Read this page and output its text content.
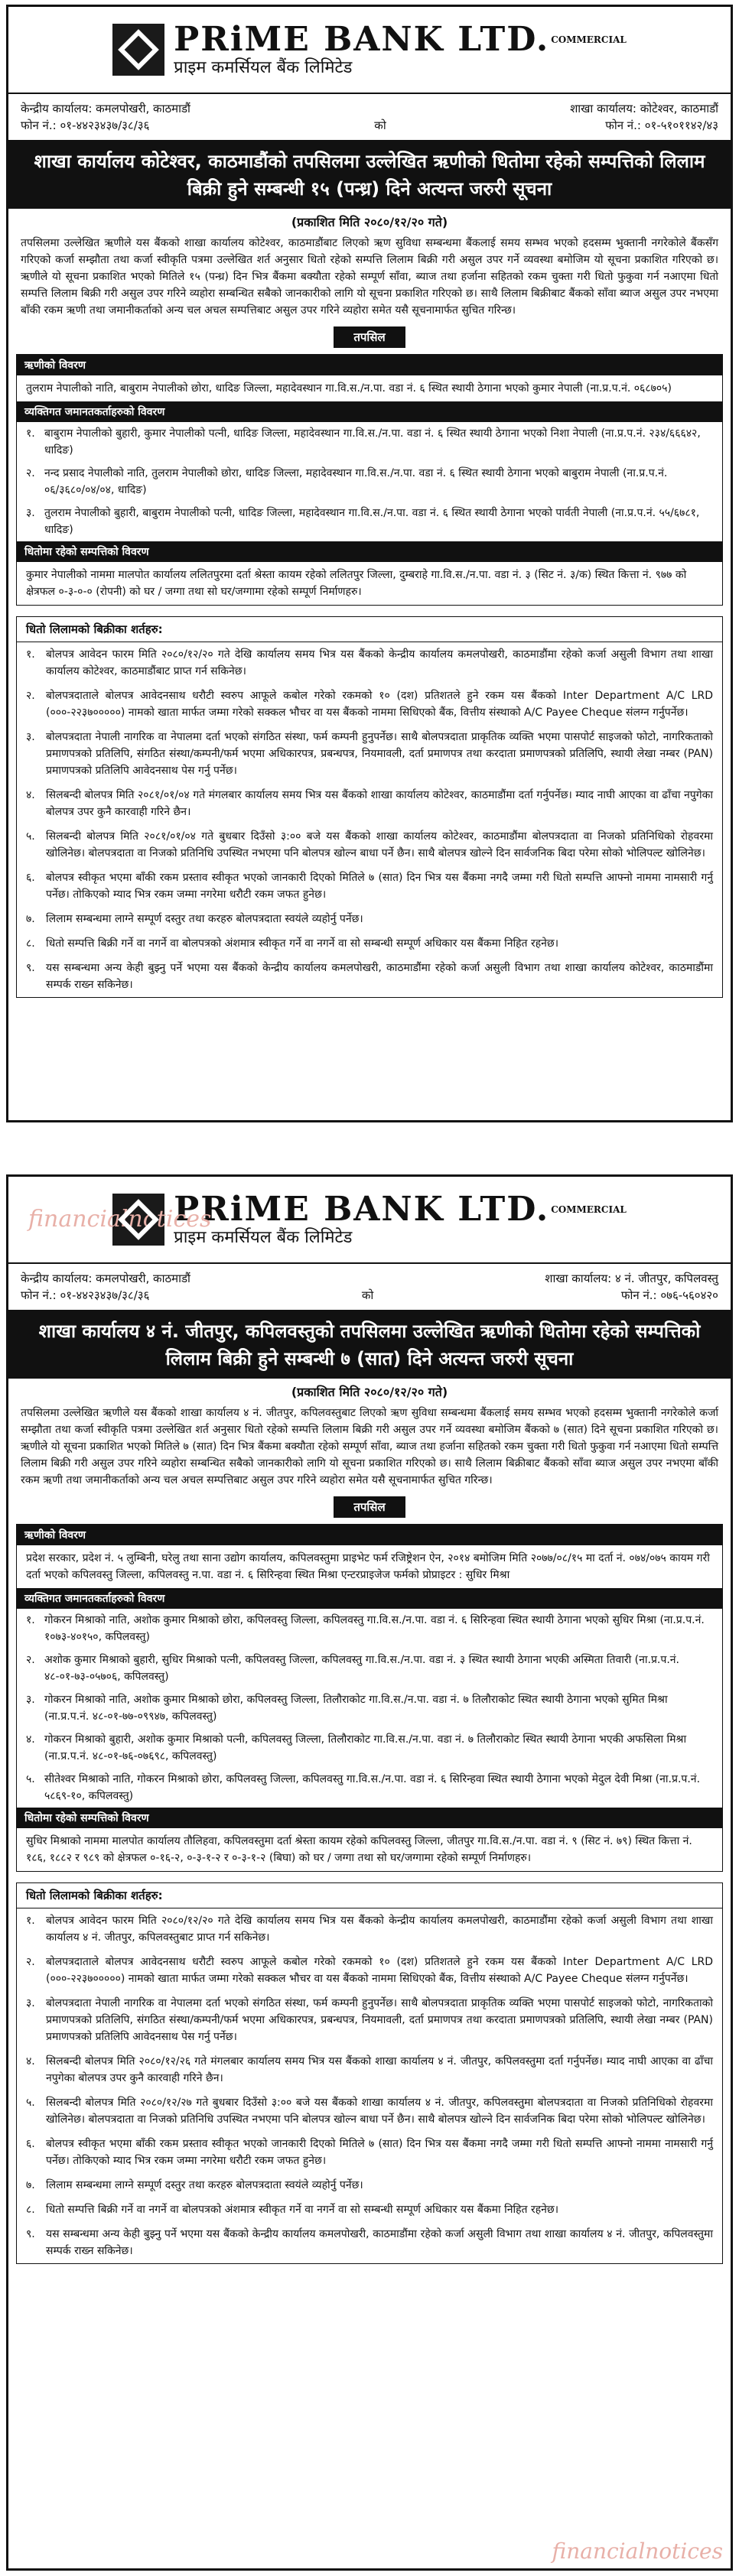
PRiME BANK LTD. $^{COMMERCIAL}$
प्राइम कमर्सियल बैंक लिमिटेड
केन्द्रीय कार्यालय: कमलपोखरी, काठमाडौं
फोन नं.: ०१-४४२३४३७/३८/३६	को
शाखा कार्यालय: कोटेश्वर, काठमाडौं
फोन नं.: ०१-५१०११४२/४३
शाखा कार्यालय कोटेश्वर, काठमाडौंको तपसिलमा उल्लेखित ऋणीको धितोमा रहेको सम्पत्तिको लिलाम बिक्री हुने सम्बन्धी १५ (पन्ध्र) दिने अत्यन्त जरुरी सूचना
(प्रकाशित मिति २०८०/१२/२० गते)
तपसिलमा उल्लेखित ऋणीले यस बैंकको शाखा कार्यालय कोटेश्वर, काठमाडौंबाट लिएको ऋण सुविधा सम्बन्धमा बैंकलाई समय सम्भव भएको हदसम्म भुक्तानी नगरेकोले बैंकसँग गरिएको कर्जा सम्झौता तथा कर्जा स्वीकृति पत्रमा उल्लेखित शर्त अनुसार धितो रहेको सम्पत्ति लिलाम बिक्री गरी असुल उपर गर्ने व्यवस्था बमोजिम यो सूचना प्रकाशित गरिएको छ। ऋणीले यो सूचना प्रकाशित भएको मितिले १५ (पन्ध्र) दिन भित्र बैंकमा बक्यौता रहेको सम्पूर्ण साँवा, ब्याज तथा हर्जाना सहितको रकम चुक्ता गरी धितो फुकुवा गर्न नआएमा धितो सम्पत्ति लिलाम बिक्री गरी असुल उपर गरिने व्यहोरा सम्बन्धित सबैको जानकारीको लागि यो सूचना प्रकाशित गरिएको छ। साथै लिलाम बिक्रीबाट बैंकको साँवा ब्याज असुल उपर नभएमा बाँकी रकम ऋणी तथा जमानीकर्ताको अन्य चल अचल सम्पत्तिबाट असुल उपर गरिने व्यहोरा समेत यसै सूचनामार्फत सुचित गरिन्छ।
तपसिल
ऋणीको विवरण
तुलराम नेपालीको नाति, बाबुराम नेपालीको छोरा, धादिङ जिल्ला, महादेवस्थान गा.वि.स./न.पा. वडा नं. ६ स्थित स्थायी ठेगाना भएको कुमार नेपाली (ना.प्र.प.नं. ०६८७०५)
व्यक्तिगत जमानतकर्ताहरुको विवरण
१. बाबुराम नेपालीको बुहारी, कुमार नेपालीको पत्नी, धादिङ जिल्ला, महादेवस्थान गा.वि.स./न.पा. वडा नं. ६ स्थित स्थायी ठेगाना भएको निशा नेपाली (ना.प्र.प.नं. २३४/६६६४२, धादिङ)
२. नन्द प्रसाद नेपालीको नाति, तुलराम नेपालीको छोरा, धादिङ जिल्ला, महादेवस्थान गा.वि.स./न.पा. वडा नं. ६ स्थित स्थायी ठेगाना भएको बाबुराम नेपाली (ना.प्र.प.नं. ०६/३६८०/०४/०४, धादिङ)
३. तुलराम नेपालीको बुहारी, बाबुराम नेपालीको पत्नी, धादिङ जिल्ला, महादेवस्थान गा.वि.स./न.पा. वडा नं. ६ स्थित स्थायी ठेगाना भएको पार्वती नेपाली (ना.प्र.प.नं. ५५/६७८१, धादिङ)
धितोमा रहेको सम्पत्तिको विवरण
कुमार नेपालीको नाममा मालपोत कार्यालय ललितपुरमा दर्ता श्रेस्ता कायम रहेको ललितपुर जिल्ला, दुम्बराहे गा.वि.स./न.पा. वडा नं. ३ (सिट नं. ३/क) स्थित कित्ता नं. ९७७ को क्षेत्रफल ०-३-०-० (रोपनी) को घर / जग्गा तथा सो घर/जग्गामा रहेको सम्पूर्ण निर्माणहरु।
धितो लिलामको बिक्रीका शर्तहरु:
१.	बोलपत्र आवेदन फारम मिति २०८०/१२/२० गते देखि कार्यालय समय भित्र यस बैंकको केन्द्रीय कार्यालय कमलपोखरी, काठमाडौंमा रहेको कर्जा असुली विभाग तथा शाखा कार्यालय कोटेश्वर, काठमाडौंबाट प्राप्त गर्न सकिनेछ।
२.	बोलपत्रदाताले बोलपत्र आवेदनसाथ धरौटी स्वरुप आफूले कबोल गरेको रकमको १० (दश) प्रतिशतले हुने रकम यस बैंकको Inter Department A/C LRD (०००-२२३७०००००) नामको खाता मार्फत जम्मा गरेको सक्कल भौचर वा यस बैंकको नाममा सिधिएको बैंक, वित्तीय संस्थाको A/C Payee Cheque संलग्न गर्नुपर्नेछ।
३.	बोलपत्रदाता नेपाली नागरिक वा नेपालमा दर्ता भएको संगठित संस्था, फर्म कम्पनी हुनुपर्नेछ। साथै बोलपत्रदाता प्राकृतिक व्यक्ति भएमा पासपोर्ट साइजको फोटो, नागरिकताको प्रमाणपत्रको प्रतिलिपि, संगठित संस्था/कम्पनी/फर्म भएमा अधिकारपत्र, प्रबन्धपत्र, नियमावली, दर्ता प्रमाणपत्र तथा करदाता प्रमाणपत्रको प्रतिलिपि, स्थायी लेखा नम्बर (PAN) प्रमाणपत्रको प्रतिलिपि आवेदनसाथ पेस गर्नु पर्नेछ।
४.	सिलबन्दी बोलपत्र मिति २०८१/०१/०४ गते मंगलबार कार्यालय समय भित्र यस बैंकको शाखा कार्यालय कोटेश्वर, काठमाडौंमा दर्ता गर्नुपर्नेछ। म्याद नाघी आएका वा ढाँचा नपुगेका बोलपत्र उपर कुनै कारवाही गरिने छैन।
५.	सिलबन्दी बोलपत्र मिति २०८१/०१/०४ गते बुधबार दिउँसो ३:०० बजे यस बैंकको शाखा कार्यालय कोटेश्वर, काठमाडौंमा बोलपत्रदाता वा निजको प्रतिनिधिको रोहवरमा खोलिनेछ। बोलपत्रदाता वा निजको प्रतिनिधि उपस्थित नभएमा पनि बोलपत्र खोल्न बाधा पर्ने छैन। साथै बोलपत्र खोल्ने दिन सार्वजनिक बिदा परेमा सोको भोलिपल्ट खोलिनेछ।
६.	बोलपत्र स्वीकृत भएमा बाँकी रकम प्रस्ताव स्वीकृत भएको जानकारी दिएको मितिले ७ (सात) दिन भित्र यस बैंकमा नगदै जम्मा गरी धितो सम्पत्ति आफ्नो नाममा नामसारी गर्नु पर्नेछ। तोकिएको म्याद भित्र रकम जम्मा नगरेमा धरौटी रकम जफत हुनेछ।
७.	लिलाम सम्बन्धमा लाग्ने सम्पूर्ण दस्तुर तथा करहरु बोलपत्रदाता स्वयंले व्यहोर्नु पर्नेछ।
८.	धितो सम्पत्ति बिक्री गर्ने वा नगर्ने वा बोलपत्रको अंशमात्र स्वीकृत गर्ने वा नगर्ने वा सो सम्बन्धी सम्पूर्ण अधिकार यस बैंकमा निहित रहनेछ।
९.	यस सम्बन्धमा अन्य केही बुझ्नु पर्ने भएमा यस बैंकको केन्द्रीय कार्यालय कमलपोखरी, काठमाडौंमा रहेको कर्जा असुली विभाग तथा शाखा कार्यालय कोटेश्वर, काठमाडौंमा सम्पर्क राख्न सकिनेछ।
financialnotices
PRiME BANK LTD. $^{COMMERCIAL}$
प्राइम कमर्सियल बैंक लिमिटेड
केन्द्रीय कार्यालय: कमलपोखरी, काठमाडौं
फोन नं.: ०१-४४२३४३७/३८/३६	को
शाखा कार्यालय: ४ नं. जीतपुर, कपिलवस्तु
फोन नं.: ०७६-५६०४२०
शाखा कार्यालय ४ नं. जीतपुर, कपिलवस्तुको तपसिलमा उल्लेखित ऋणीको धितोमा रहेको सम्पत्तिको लिलाम बिक्री हुने सम्बन्धी ७ (सात) दिने अत्यन्त जरुरी सूचना
(प्रकाशित मिति २०८०/१२/२० गते)
तपसिलमा उल्लेखित ऋणीले यस बैंकको शाखा कार्यालय ४ नं. जीतपुर, कपिलवस्तुबाट लिएको ऋण सुविधा सम्बन्धमा बैंकलाई समय सम्भव भएको हदसम्म भुक्तानी नगरेकोले कर्जा सम्झौता तथा कर्जा स्वीकृति पत्रमा उल्लेखित शर्त अनुसार धितो रहेको सम्पत्ति लिलाम बिक्री गरी असुल उपर गर्ने व्यवस्था बमोजिम बैंकको ७ (सात) दिने सूचना प्रकाशित गरिएको छ। ऋणीले यो सूचना प्रकाशित भएको मितिले ७ (सात) दिन भित्र बैंकमा बक्यौता रहेको सम्पूर्ण साँवा, ब्याज तथा हर्जाना सहितको रकम चुक्ता गरी धितो फुकुवा गर्न नआएमा धितो सम्पत्ति लिलाम बिक्री गरी असुल उपर गरिने व्यहोरा सम्बन्धित सबैको जानकारीको लागि यो सूचना प्रकाशित गरिएको छ। साथै लिलाम बिक्रीबाट बैंकको साँवा ब्याज असुल उपर नभएमा बाँकी रकम ऋणी तथा जमानीकर्ताको अन्य चल अचल सम्पत्तिबाट असुल उपर गरिने व्यहोरा समेत यसै सूचनामार्फत सुचित गरिन्छ।
तपसिल
ऋणीको विवरण
प्रदेश सरकार, प्रदेश नं. ५ लुम्बिनी, घरेलु तथा साना उद्योग कार्यालय, कपिलवस्तुमा प्राइभेट फर्म रजिष्ट्रेशन ऐन, २०१४ बमोजिम मिति २०७७/०८/१५ मा दर्ता नं. ०७४/०७५ कायम गरी दर्ता भएको कपिलवस्तु जिल्ला, कपिलवस्तु न.पा. वडा नं. ६ सिरिन्हवा स्थित मिश्रा एन्टरप्राइजेज फर्मको प्रोप्राइटर : सुधिर मिश्रा
व्यक्तिगत जमानतकर्ताहरुको विवरण
१. गोकरन मिश्राको नाति, अशोक कुमार मिश्राको छोरा, कपिलवस्तु जिल्ला, कपिलवस्तु गा.वि.स./न.पा. वडा नं. ६ सिरिन्हवा स्थित स्थायी ठेगाना भएको सुधिर मिश्रा (ना.प्र.प.नं. १०७३-४०१५०, कपिलवस्तु)
२. अशोक कुमार मिश्राको बुहारी, सुधिर मिश्राको पत्नी, कपिलवस्तु जिल्ला, कपिलवस्तु गा.वि.स./न.पा. वडा नं. ३ स्थित स्थायी ठेगाना भएकी अस्मिता तिवारी (ना.प्र.प.नं. ४८-०१-७३-०५७०६, कपिलवस्तु)
३. गोकरन मिश्राको नाति, अशोक कुमार मिश्राको छोरा, कपिलवस्तु जिल्ला, तिलौराकोट गा.वि.स./न.पा. वडा नं. ७ तिलौराकोट स्थित स्थायी ठेगाना भएको सुमित मिश्रा (ना.प्र.प.नं. ४८-०१-७७-०९९४७, कपिलवस्तु)
४. गोकरन मिश्राको बुहारी, अशोक कुमार मिश्राको पत्नी, कपिलवस्तु जिल्ला, तिलौराकोट गा.वि.स./न.पा. वडा नं. ७ तिलौराकोट स्थित स्थायी ठेगाना भएकी अफसिला मिश्रा (ना.प्र.प.नं. ४८-०१-७६-०७६९८, कपिलवस्तु)
५. सीतेश्वर मिश्राको नाति, गोकरन मिश्राको छोरा, कपिलवस्तु जिल्ला, कपिलवस्तु गा.वि.स./न.पा. वडा नं. ६ सिरिन्हवा स्थित स्थायी ठेगाना भएको मेदुल देवी मिश्रा (ना.प्र.प.नं. ५८६९-१०, कपिलवस्तु)
धितोमा रहेको सम्पत्तिको विवरण
सुधिर मिश्राको नाममा मालपोत कार्यालय तौलिहवा, कपिलवस्तुमा दर्ता श्रेस्ता कायम रहेको कपिलवस्तु जिल्ला, जीतपुर गा.वि.स./न.पा. वडा नं. ९ (सिट नं. ७९) स्थित कित्ता नं. १८६, १८८२ र ९८९ को क्षेत्रफल ०-१६-२, ०-३-१-२ र ०-३-१-२ (बिघा) को घर / जग्गा तथा सो घर/जग्गामा रहेको सम्पूर्ण निर्माणहरु।
धितो लिलामको बिक्रीका शर्तहरु:
१.	बोलपत्र आवेदन फारम मिति २०८०/१२/२० गते देखि कार्यालय समय भित्र यस बैंकको केन्द्रीय कार्यालय कमलपोखरी, काठमाडौंमा रहेको कर्जा असुली विभाग तथा शाखा कार्यालय ४ नं. जीतपुर, कपिलवस्तुबाट प्राप्त गर्न सकिनेछ।
२.	बोलपत्रदाताले बोलपत्र आवेदनसाथ धरौटी स्वरुप आफूले कबोल गरेको रकमको १० (दश) प्रतिशतले हुने रकम यस बैंकको Inter Department A/C LRD (०००-२२३७०००००) नामको खाता मार्फत जम्मा गरेको सक्कल भौचर वा यस बैंकको नाममा सिधिएको बैंक, वित्तीय संस्थाको A/C Payee Cheque संलग्न गर्नुपर्नेछ।
३.	बोलपत्रदाता नेपाली नागरिक वा नेपालमा दर्ता भएको संगठित संस्था, फर्म कम्पनी हुनुपर्नेछ। साथै बोलपत्रदाता प्राकृतिक व्यक्ति भएमा पासपोर्ट साइजको फोटो, नागरिकताको प्रमाणपत्रको प्रतिलिपि, संगठित संस्था/कम्पनी/फर्म भएमा अधिकारपत्र, प्रबन्धपत्र, नियमावली, दर्ता प्रमाणपत्र तथा करदाता प्रमाणपत्रको प्रतिलिपि, स्थायी लेखा नम्बर (PAN) प्रमाणपत्रको प्रतिलिपि आवेदनसाथ पेस गर्नु पर्नेछ।
४.	सिलबन्दी बोलपत्र मिति २०८०/१२/२६ गते मंगलबार कार्यालय समय भित्र यस बैंकको शाखा कार्यालय ४ नं. जीतपुर, कपिलवस्तुमा दर्ता गर्नुपर्नेछ। म्याद नाघी आएका वा ढाँचा नपुगेका बोलपत्र उपर कुनै कारवाही गरिने छैन।
५.	सिलबन्दी बोलपत्र मिति २०८०/१२/२७ गते बुधबार दिउँसो ३:०० बजे यस बैंकको शाखा कार्यालय ४ नं. जीतपुर, कपिलवस्तुमा बोलपत्रदाता वा निजको प्रतिनिधिको रोहवरमा खोलिनेछ। बोलपत्रदाता वा निजको प्रतिनिधि उपस्थित नभएमा पनि बोलपत्र खोल्न बाधा पर्ने छैन। साथै बोलपत्र खोल्ने दिन सार्वजनिक बिदा परेमा सोको भोलिपल्ट खोलिनेछ।
६.	बोलपत्र स्वीकृत भएमा बाँकी रकम प्रस्ताव स्वीकृत भएको जानकारी दिएको मितिले ७ (सात) दिन भित्र यस बैंकमा नगदै जम्मा गरी धितो सम्पत्ति आफ्नो नाममा नामसारी गर्नु पर्नेछ। तोकिएको म्याद भित्र रकम जम्मा नगरेमा धरौटी रकम जफत हुनेछ।
७.	लिलाम सम्बन्धमा लाग्ने सम्पूर्ण दस्तुर तथा करहरु बोलपत्रदाता स्वयंले व्यहोर्नु पर्नेछ।
८.	धितो सम्पत्ति बिक्री गर्ने वा नगर्ने वा बोलपत्रको अंशमात्र स्वीकृत गर्ने वा नगर्ने वा सो सम्बन्धी सम्पूर्ण अधिकार यस बैंकमा निहित रहनेछ।
९.	यस सम्बन्धमा अन्य केही बुझ्नु पर्ने भएमा यस बैंकको केन्द्रीय कार्यालय कमलपोखरी, काठमाडौंमा रहेको कर्जा असुली विभाग तथा शाखा कार्यालय ४ नं. जीतपुर, कपिलवस्तुमा सम्पर्क राख्न सकिनेछ।
financialnotices
